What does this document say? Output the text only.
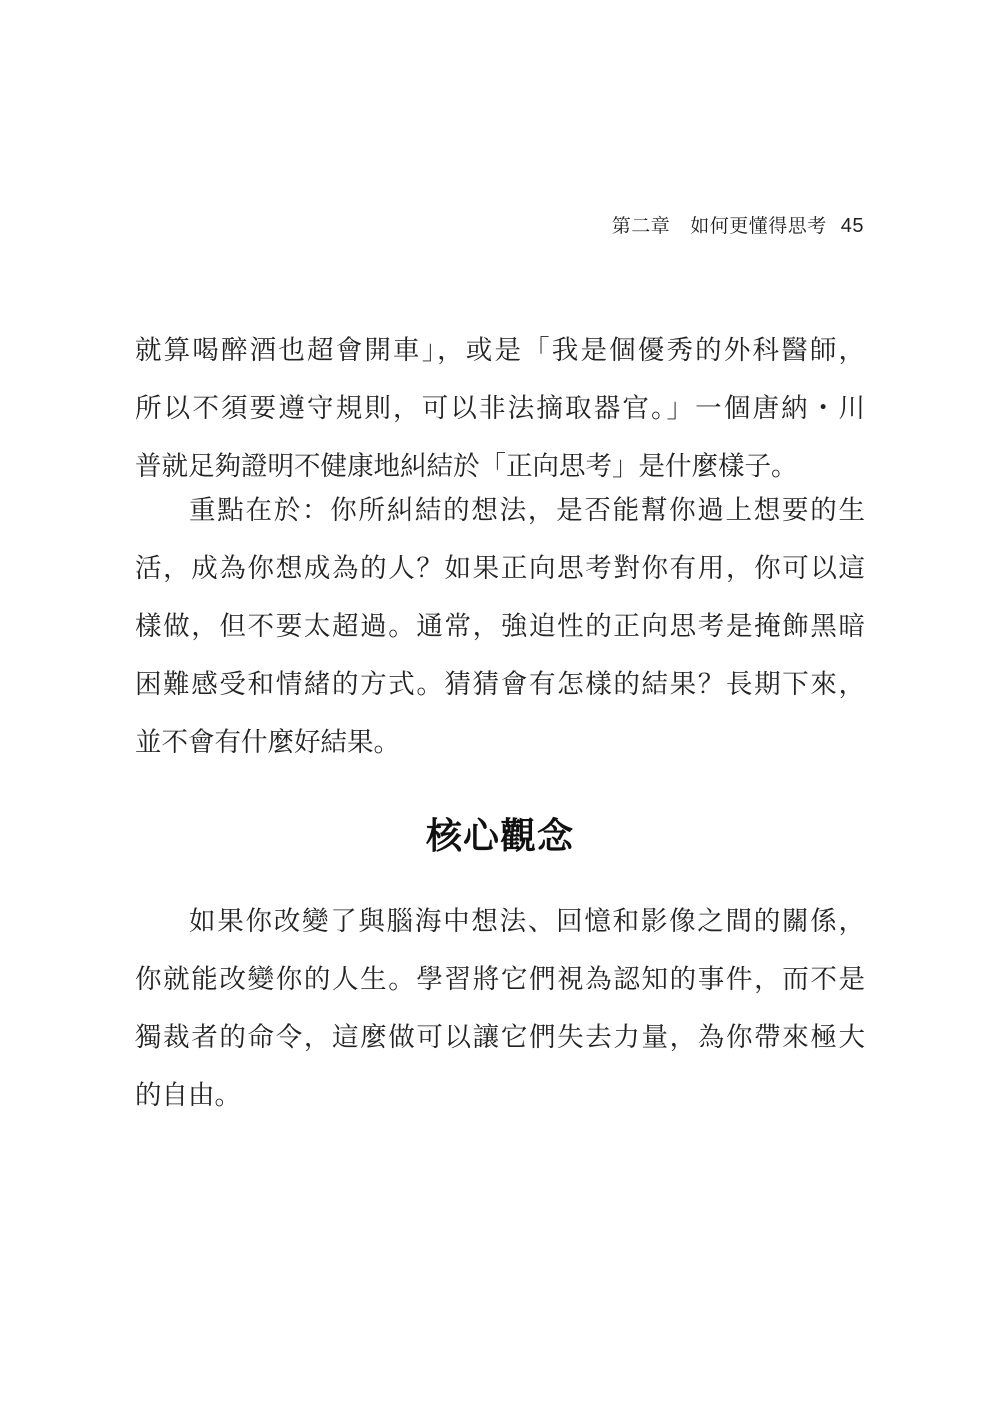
第二章 如何更懂得思考 45
就算喝醉酒也超會開車」，或是「我是個優秀的外科醫師，
所以不須要遵守規則，可以非法摘取器官。」一個唐納・川
普就足夠證明不健康地糾結於「正向思考」是什麼樣子。
重點在於：你所糾結的想法，是否能幫你過上想要的生
活，成為你想成為的人？如果正向思考對你有用，你可以這
樣做，但不要太超過。通常，強迫性的正向思考是掩飾黑暗
困難感受和情緒的方式。猜猜會有怎樣的結果？長期下來，
並不會有什麼好結果。
核心觀念
如果你改變了與腦海中想法、回憶和影像之間的關係，
你就能改變你的人生。學習將它們視為認知的事件，而不是
獨裁者的命令，這麼做可以讓它們失去力量，為你帶來極大
的自由。
